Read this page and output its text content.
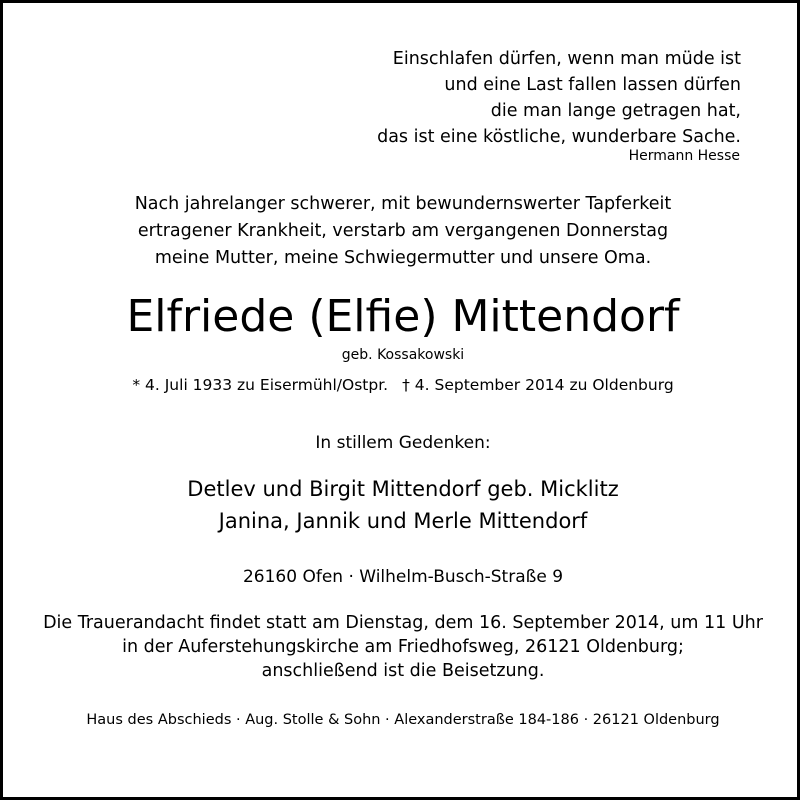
Einschlafen dürfen, wenn man müde ist
und eine Last fallen lassen dürfen
die man lange getragen hat,
das ist eine köstliche, wunderbare Sache.
Hermann Hesse
Nach jahrelanger schwerer, mit bewundernswerter Tapferkeit
ertragener Krankheit, verstarb am vergangenen Donnerstag
meine Mutter, meine Schwiegermutter und unsere Oma.
Elfriede (Elfie) Mittendorf
geb. Kossakowski
* 4. Juli 1933 zu Eisermühl/Ostpr. † 4. September 2014 zu Oldenburg
In stillem Gedenken:
Detlev und Birgit Mittendorf geb. Micklitz
Janina, Jannik und Merle Mittendorf
26160 Ofen · Wilhelm-Busch-Straße 9
Die Trauerandacht findet statt am Dienstag, dem 16. September 2014, um 11 Uhr
in der Auferstehungskirche am Friedhofsweg, 26121 Oldenburg;
anschließend ist die Beisetzung.
Haus des Abschieds · Aug. Stolle & Sohn · Alexanderstraße 184-186 · 26121 Oldenburg
